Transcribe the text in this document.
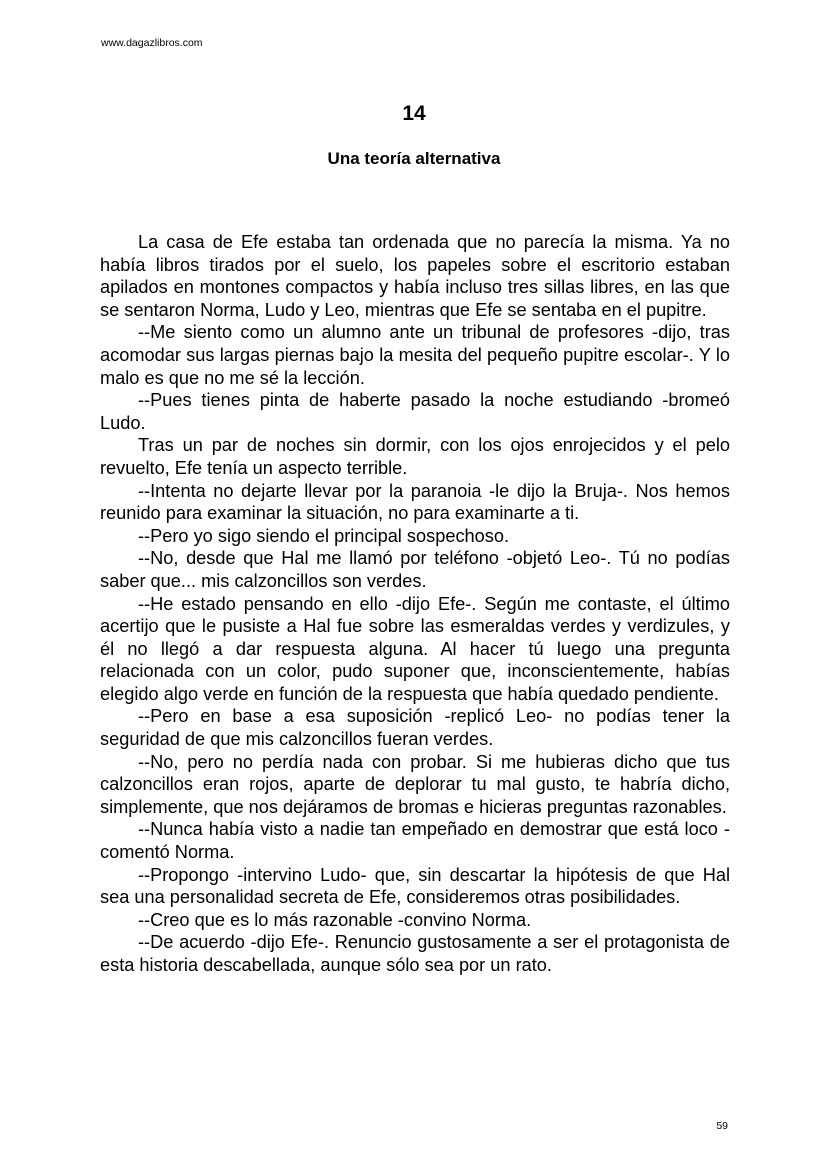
www.dagazlibros.com
14
Una teoría alternativa

La casa de Efe estaba tan ordenada que no parecía la misma. Ya no había libros tirados por el suelo, los papeles sobre el escritorio estaban apilados en montones compactos y había incluso tres sillas libres, en las que se sentaron Norma, Ludo y Leo, mientras que Efe se sentaba en el pupitre.

--Me siento como un alumno ante un tribunal de profesores -dijo, tras acomodar sus largas piernas bajo la mesita del pequeño pupitre escolar-. Y lo malo es que no me sé la lección.

--Pues tienes pinta de haberte pasado la noche estudiando -bromeó Ludo.

Tras un par de noches sin dormir, con los ojos enrojecidos y el pelo revuelto, Efe tenía un aspecto terrible.

--Intenta no dejarte llevar por la paranoia -le dijo la Bruja-. Nos hemos reunido para examinar la situación, no para examinarte a ti.

--Pero yo sigo siendo el principal sospechoso.

--No, desde que Hal me llamó por teléfono -objetó Leo-. Tú no podías saber que... mis calzoncillos son verdes.

--He estado pensando en ello -dijo Efe-. Según me contaste, el último acertijo que le pusiste a Hal fue sobre las esmeraldas verdes y verdizules, y él no llegó a dar respuesta alguna. Al hacer tú luego una pregunta relacionada con un color, pudo suponer que, inconscientemente, habías elegido algo verde en función de la respuesta que había quedado pendiente.

--Pero en base a esa suposición -replicó Leo- no podías tener la seguridad de que mis calzoncillos fueran verdes.

--No, pero no perdía nada con probar. Si me hubieras dicho que tus calzoncillos eran rojos, aparte de deplorar tu mal gusto, te habría dicho, simplemente, que nos dejáramos de bromas e hicieras preguntas razonables.

--Nunca había visto a nadie tan empeñado en demostrar que está loco -comentó Norma.

--Propongo -intervino Ludo- que, sin descartar la hipótesis de que Hal sea una personalidad secreta de Efe, consideremos otras posibilidades.

--Creo que es lo más razonable -convino Norma.

--De acuerdo -dijo Efe-. Renuncio gustosamente a ser el protagonista de esta historia descabellada, aunque sólo sea por un rato.

59
